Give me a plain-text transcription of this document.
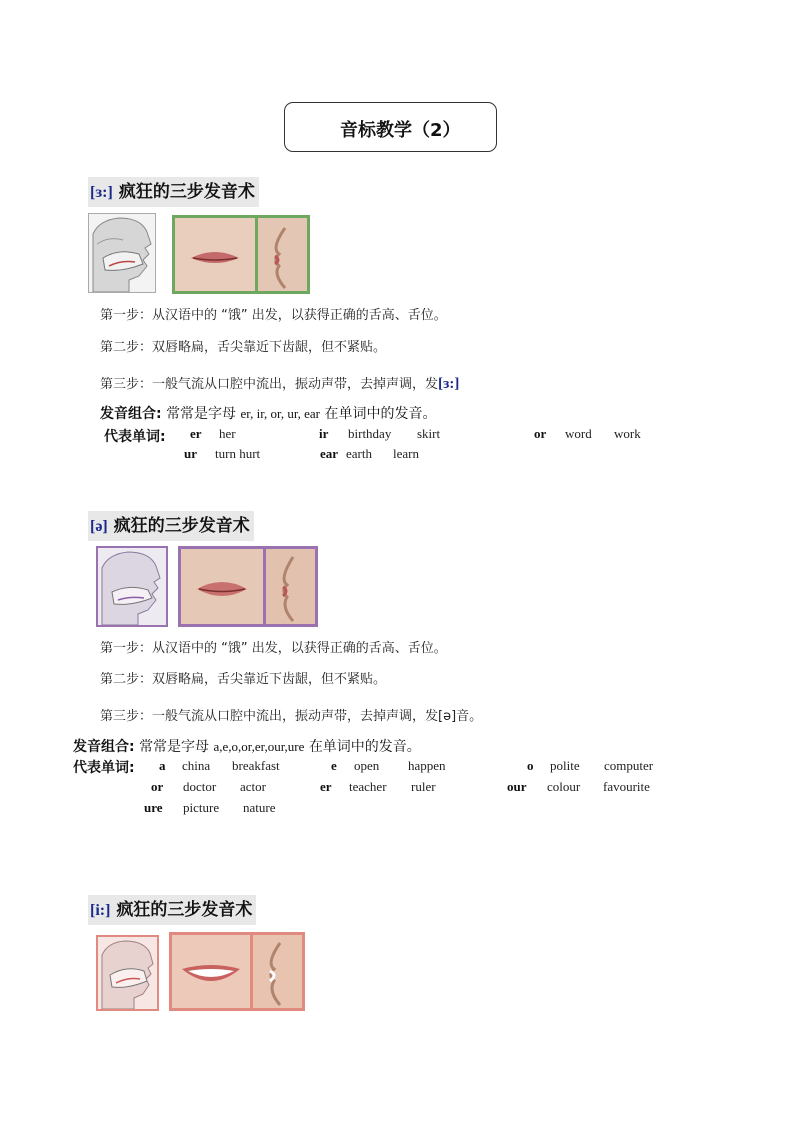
音标教学（2）
[ɜ:] 疯狂的三步发音术
第一步：从汉语中的 “饿” 出发，以获得正确的舌高、舌位。
第二步：双唇略扁，舌尖靠近下齿龈，但不紧贴。
第三步：一般气流从口腔中流出，振动声带，去掉声调，发[ɜ:]
发音组合: 常常是字母 er, ir, or, ur, ear 在单词中的发音。
代表单词: er her	ir birthday skirt	or word work
ur turn hurt	ear earth learn
[ə] 疯狂的三步发音术
第一步：从汉语中的 “饿” 出发，以获得正确的舌高、舌位。
第二步：双唇略扁，舌尖靠近下齿龈，但不紧贴。
第三步：一般气流从口腔中流出，振动声带，去掉声调，发[ə]音。
发音组合: 常常是字母 a,e,o,or,er,our,ure 在单词中的发音。
代表单词: a china breakfast	e open happen	o polite computer
or doctor actor	er teacher ruler	our colour favourite
ure picture nature
[i:] 疯狂的三步发音术
